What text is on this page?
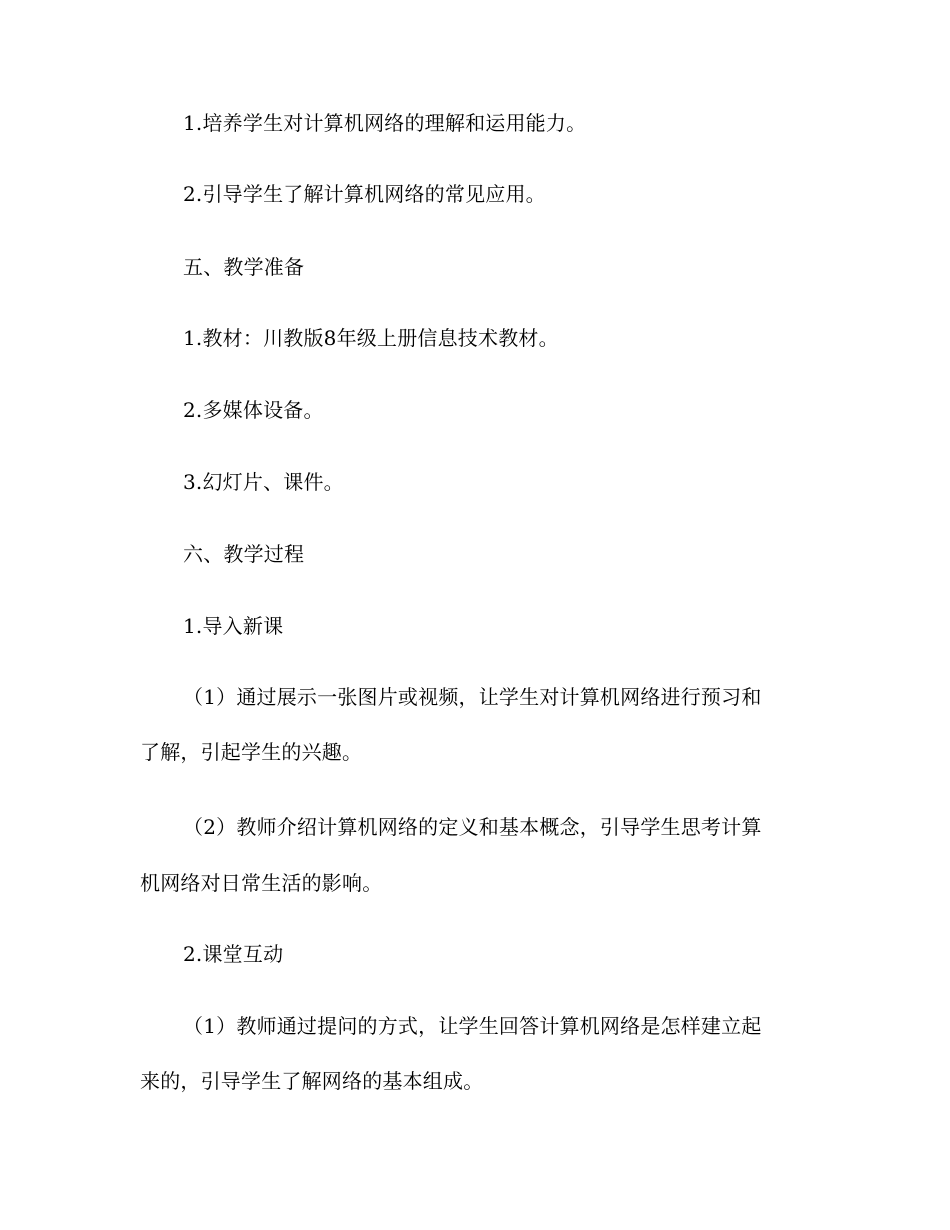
1.培养学生对计算机网络的理解和运用能力。
2.引导学生了解计算机网络的常见应用。
五、教学准备
1.教材：川教版8年级上册信息技术教材。
2.多媒体设备。
3.幻灯片、课件。
六、教学过程
1.导入新课
（1）通过展示一张图片或视频，让学生对计算机网络进行预习和
了解，引起学生的兴趣。
（2）教师介绍计算机网络的定义和基本概念，引导学生思考计算
机网络对日常生活的影响。
2.课堂互动
（1）教师通过提问的方式，让学生回答计算机网络是怎样建立起
来的，引导学生了解网络的基本组成。
